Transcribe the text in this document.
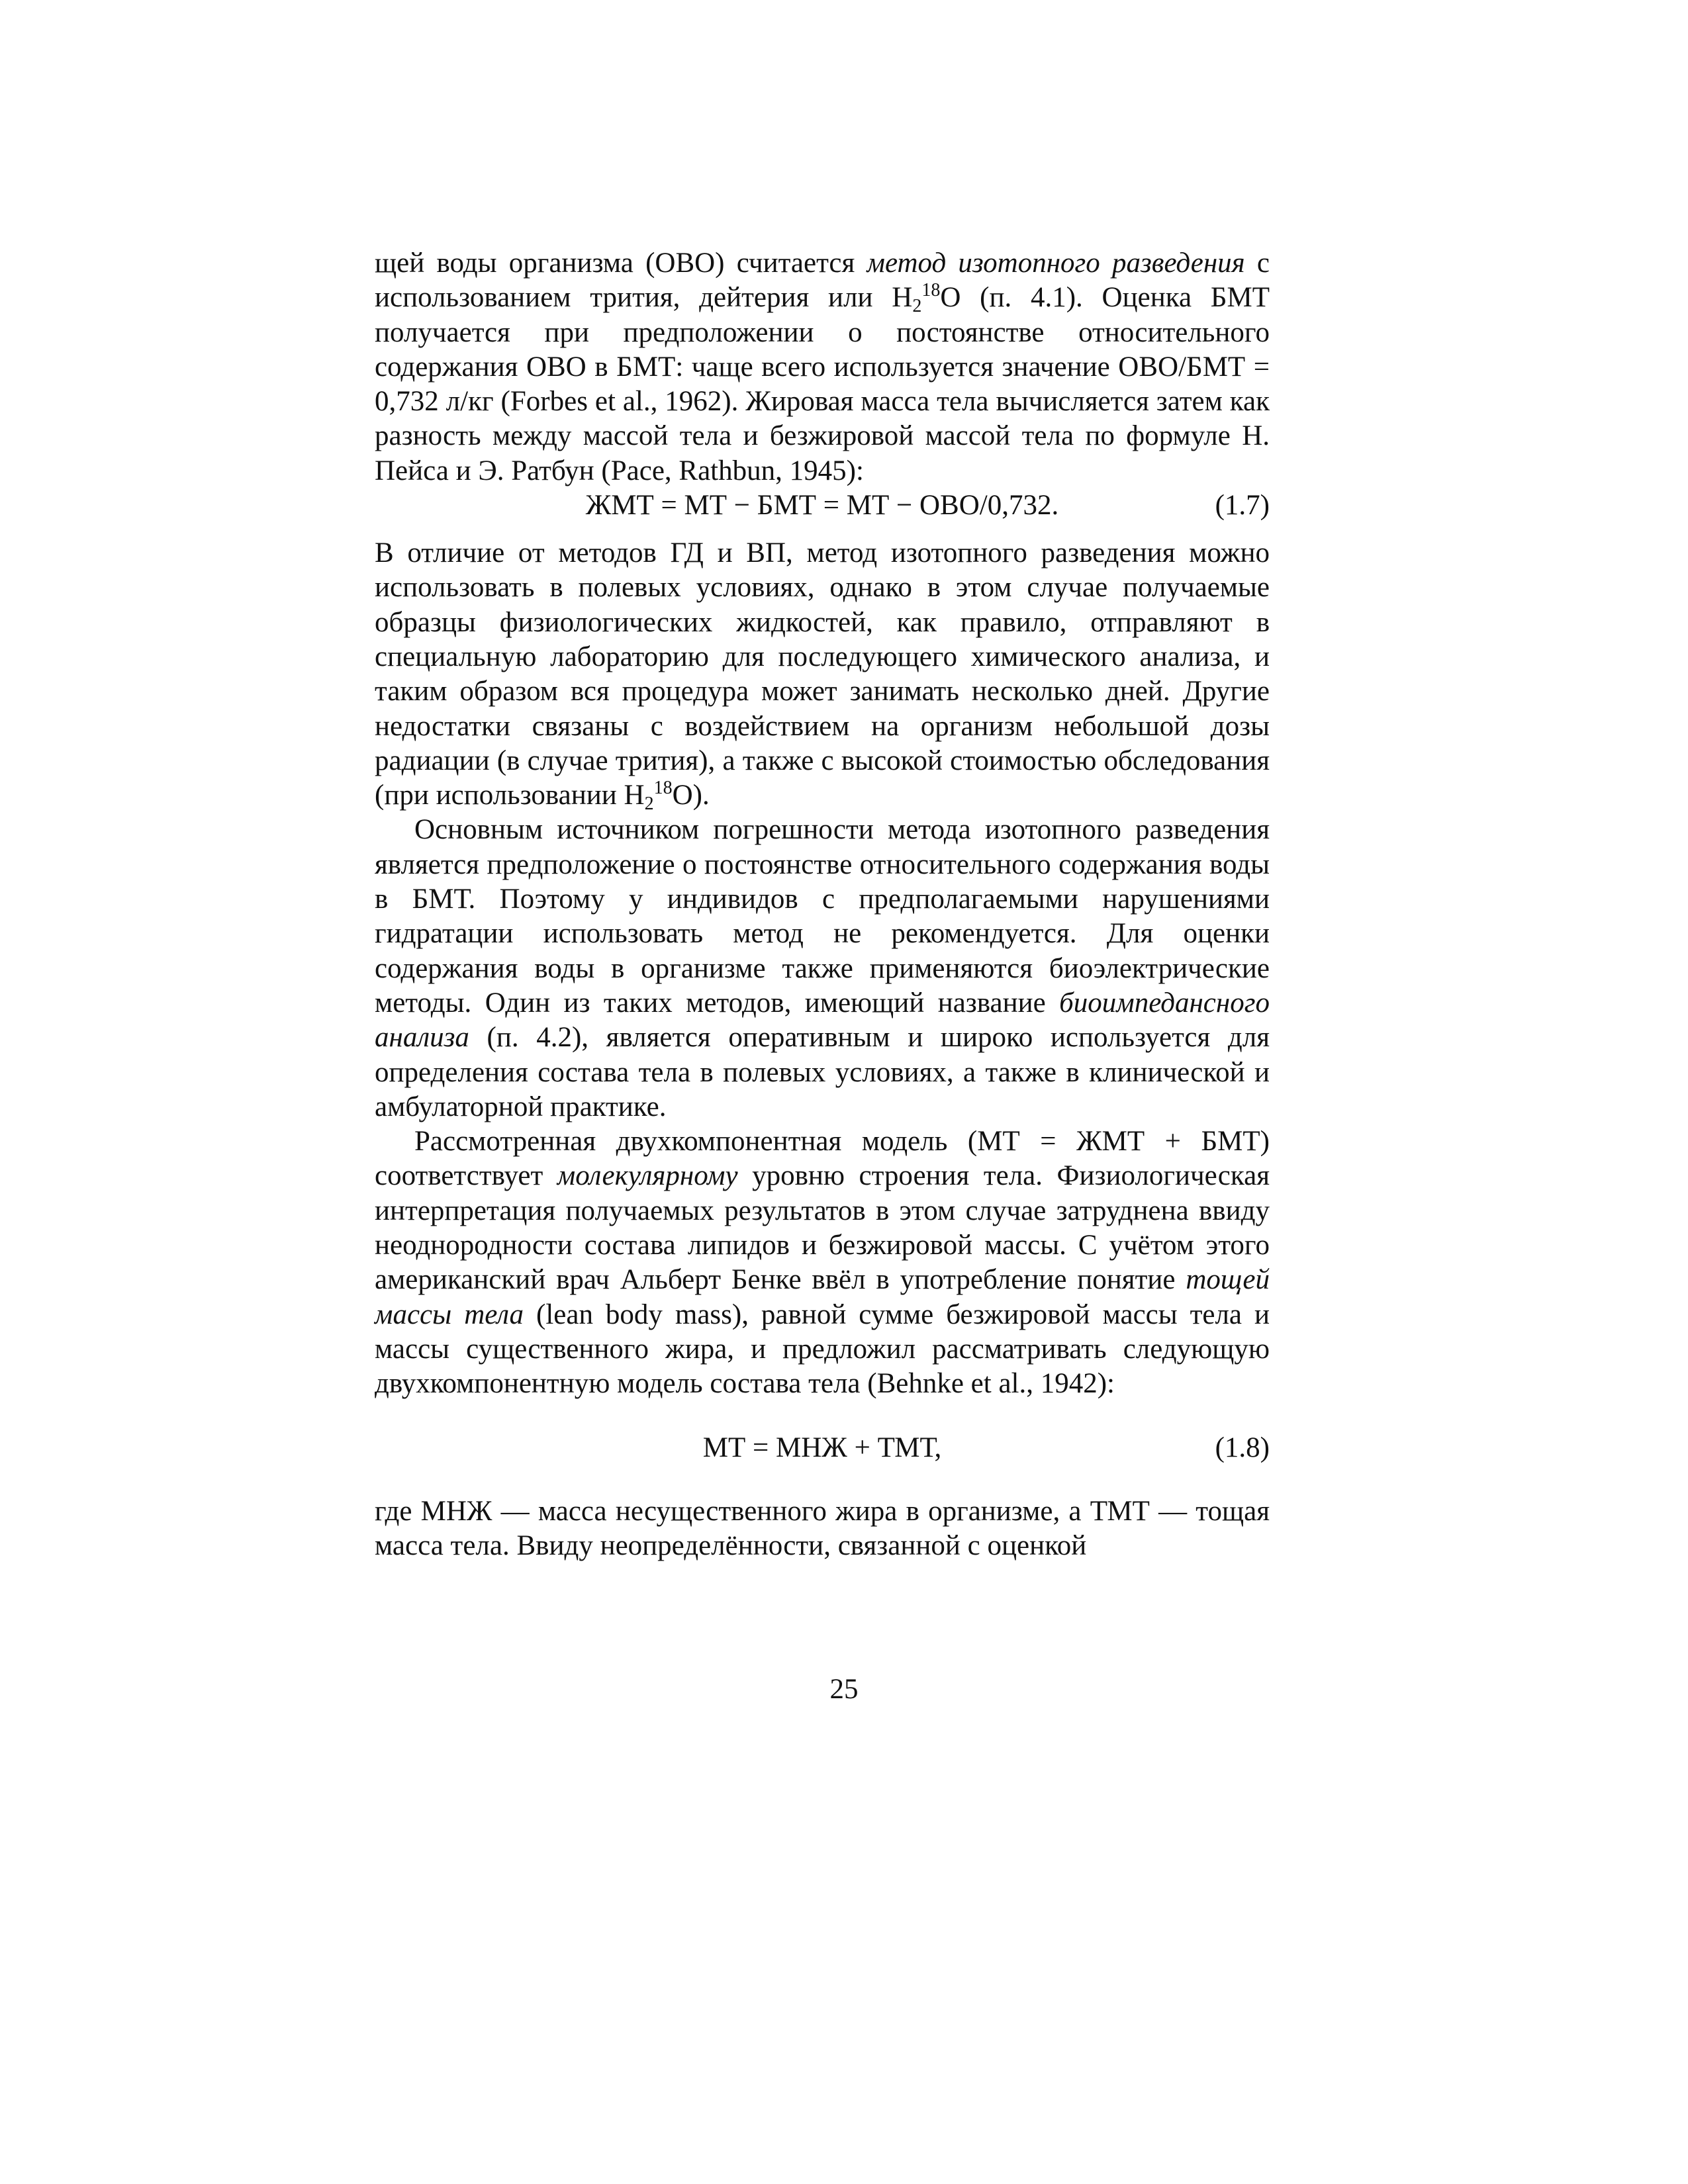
щей воды организма (ОВО) считается метод изотопного разведения с использованием трития, дейтерия или $H_2^{18}O$ (п. 4.1). Оценка БМТ получается при предположении о постоянстве относительного содержания ОВО в БМТ: чаще всего используется значение ОВО/БМТ = 0,732 л/кг (Forbes et al., 1962). Жировая масса тела вычисляется затем как разность между массой тела и безжировой массой тела по формуле Н. Пейса и Э. Ратбун (Pace, Rathbun, 1945):

ЖМТ = МТ − БМТ = МТ − ОВО/0,732.	(1.7)

В отличие от методов ГД и ВП, метод изотопного разведения можно использовать в полевых условиях, однако в этом случае получаемые образцы физиологических жидкостей, как правило, отправляют в специальную лабораторию для последующего химического анализа, и таким образом вся процедура может занимать несколько дней. Другие недостатки связаны с воздействием на организм небольшой дозы радиации (в случае трития), а также с высокой стоимостью обследования (при использовании $H_2^{18}O$).

Основным источником погрешности метода изотопного разведения является предположение о постоянстве относительного содержания воды в БМТ. Поэтому у индивидов с предполагаемыми нарушениями гидратации использовать метод не рекомендуется. Для оценки содержания воды в организме также применяются биоэлектрические методы. Один из таких методов, имеющий название биоимпедансного анализа (п. 4.2), является оперативным и широко используется для определения состава тела в полевых условиях, а также в клинической и амбулаторной практике.

Рассмотренная двухкомпонентная модель (МТ = ЖМТ + БМТ) соответствует молекулярному уровню строения тела. Физиологическая интерпретация получаемых результатов в этом случае затруднена ввиду неоднородности состава липидов и безжировой массы. С учётом этого американский врач Альберт Бенке ввёл в употребление понятие тощей массы тела (lean body mass), равной сумме безжировой массы тела и массы существенного жира, и предложил рассматривать следующую двухкомпонентную модель состава тела (Behnke et al., 1942):

МТ = МНЖ + ТМТ,	(1.8)

где МНЖ — масса несущественного жира в организме, а ТМТ — тощая масса тела. Ввиду неопределённости, связанной с оценкой

25
